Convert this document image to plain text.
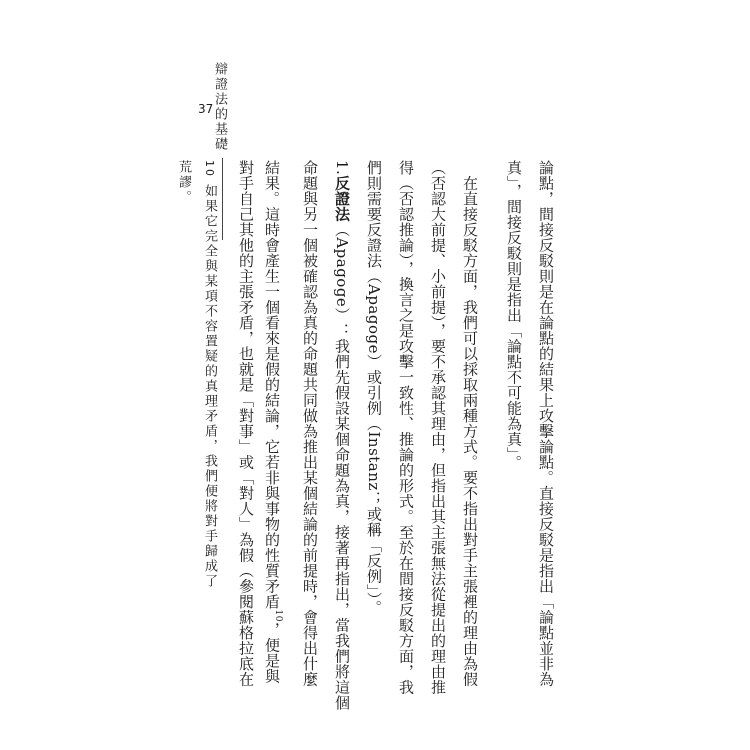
辯證法的基礎
37
論點，間接反駁則是在論點的結果上攻擊論點。直接反駁是指出「論點並非為
真」，間接反駁則是指出「論點不可能為真」。
　在直接反駁方面，我們可以採取兩種方式。要不指出對手主張裡的理由為假
（否認大前提、小前提），要不承認其理由，但指出其主張無法從提出的理由推
得（否認推論），換言之是攻擊一致性、推論的形式。至於在間接反駁方面，我
們則需要反證法（Apagoge）或引例（Instanz；或稱「反例」）。
1.反證法（Apagoge）：我們先假設某個命題為真，接著再指出，當我們將這個
命題與另一個被確認為真的命題共同做為推出某個結論的前提時，會得出什麼
結果。這時會產生一個看來是假的結論，它若非與事物的性質矛盾$^{10}$，便是與
對手自己其他的主張矛盾，也就是「對事」或「對人」為假（參閱蘇格拉底在
10 如果它完全與某項不容置疑的真理矛盾，我們便將對手歸成了荒謬。
